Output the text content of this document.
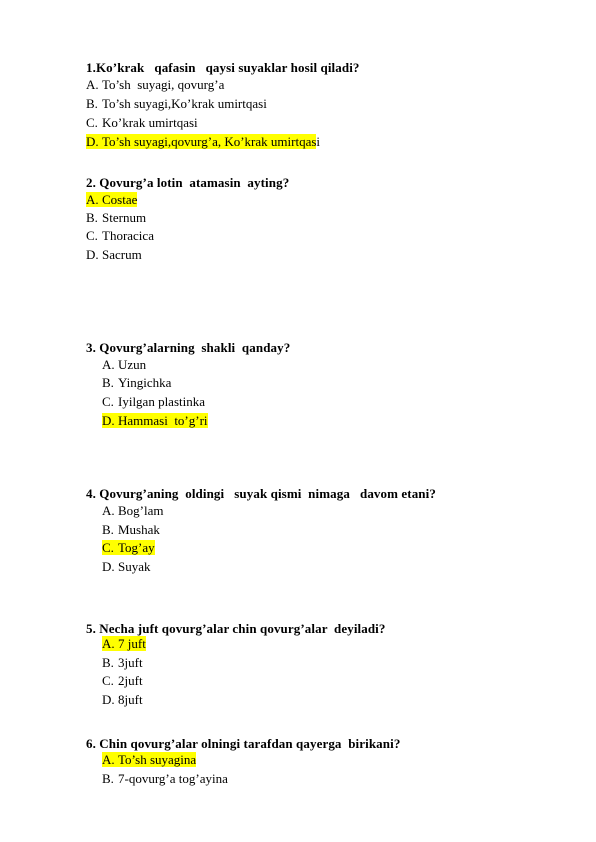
1.Ko’krak   qafasin   qaysi suyaklar hosil qiladi?
A. To’sh  suyagi, qovurg’a
B. To’sh suyagi,Ko’krak umirtqasi
C. Ko’krak umirtqasi
D. To’sh suyagi,qovurg’a, Ko’krak umirtqasi
2. Qovurg’a lotin  atamasin  ayting?
A. Costae
B. Sternum
C. Thoracica
D. Sacrum
3. Qovurg’alarning  shakli  qanday?
A. Uzun
B. Yingichka
C. Iyilgan plastinka
D. Hammasi  to’g’ri
4. Qovurg’aning  oldingi   suyak qismi  nimaga   davom etani?
A. Bog’lam
B. Mushak
C. Tog’ay
D. Suyak
5. Necha juft qovurg’alar chin qovurg’alar  deyiladi?
A. 7 juft
B. 3juft
C. 2juft
D. 8juft
6. Chin qovurg’alar olningi tarafdan qayerga  birikani?
A. To’sh suyagina
B. 7-qovurg’a tog’ayina
